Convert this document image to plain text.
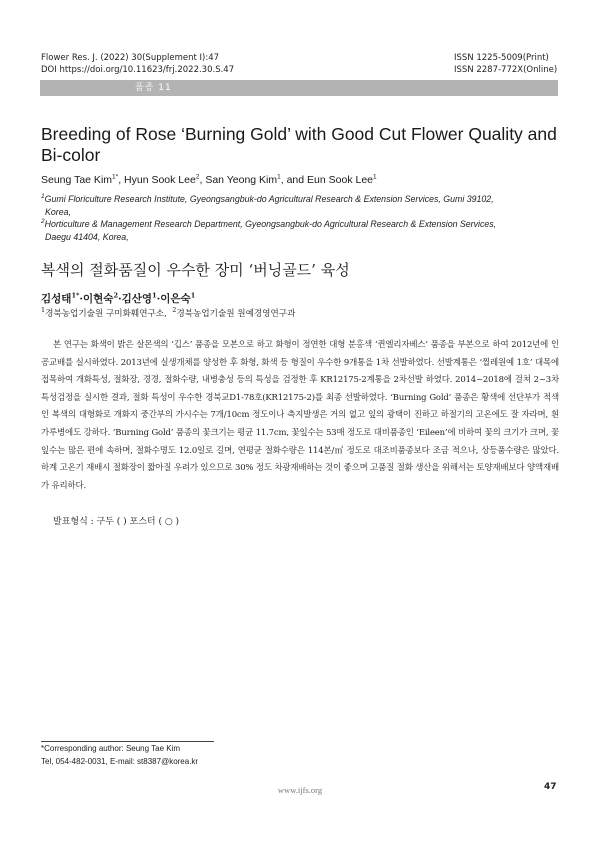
Flower Res. J. (2022) 30(Supplement I):47
DOI https://doi.org/10.11623/frj.2022.30.S.47
ISSN 1225-5009(Print)
ISSN 2287-772X(Online)
품종 11
Breeding of Rose ‘Burning Gold’ with Good Cut Flower Quality and Bi-color
Seung Tae Kim$^{1*}$, Hyun Sook Lee$^2$, San Yeong Kim$^1$, and Eun Sook Lee$^1$
$^1$Gumi Floriculture Research Institute, Gyeongsangbuk-do Agricultural Research & Extension Services, Gumi 39102,
Korea,
$^2$Horticulture & Management Research Department, Gyeongsangbuk-do Agricultural Research & Extension Services,
Daegu 41404, Korea,
복색의 절화품질이 우수한 장미 ‘버닝골드’ 육성
김성태$^{1*}$·이현숙$^2$·김산영$^1$·이은숙$^1$
$^1$경북농업기술원 구미화훼연구소, $^2$경북농업기술원 원예경영연구과

본 연구는 화색이 밝은 살몬색의 ‘깁스’ 품종을 모본으로 하고 화형이 정연한 대형 분홍색 ‘퀸엘리자베스’ 품종을 부본으로 하여 2012년에 인공교배를 실시하였다. 2013년에 실생개체를 양성한 후 화형, 화색 등 형질이 우수한 9개통을 1차 선발하였다. 선발계통은 ‘찔레원예 1호’ 대목에 접목하여 개화특성, 절화장, 경경, 절화수량, 내병충성 등의 특성을 검정한 후 KR12175-2계통을 2차선발 하였다. 2014~2018에 걸쳐 2~3차 특성검정을 실시한 결과, 절화 특성이 우수한 경북교D1-78호(KR12175-2)를 최종 선발하였다. ‘Burning Gold’ 품종은 황색에 선단부가 적색인 복색의 대형화로 개화지 중간부의 가시수는 7개/10cm 정도이나 측지발생은 거의 없고 잎의 광택이 진하고 하절기의 고온에도 잘 자라며, 흰가루병에도 강하다. ‘Burning Gold’ 품종의 꽃크기는 평균 11.7cm, 꽃잎수는 53매 정도로 대비품종인 ‘Eileen’에 비하여 꽃의 크기가 크며, 꽃잎수는 많은 편에 속하며, 절화수명도 12.0일로 길며, 연평균 절화수량은 114본/㎡ 정도로 대조비품종보다 조금 적으나, 상등품수량은 많았다. 하계 고온기 재배시 절화장이 짧아질 우려가 있으므로 30% 정도 차광재배하는 것이 좋으며 고품질 절화 생산을 위해서는 토양재배보다 양액재배가 유리하다.

발표형식 : 구두 ( ) 포스터 ( ○ )
*Corresponding author: Seung Tae Kim
Tel, 054-482-0031, E-mail: st8387@korea.kr
www.ijfs.org	47
